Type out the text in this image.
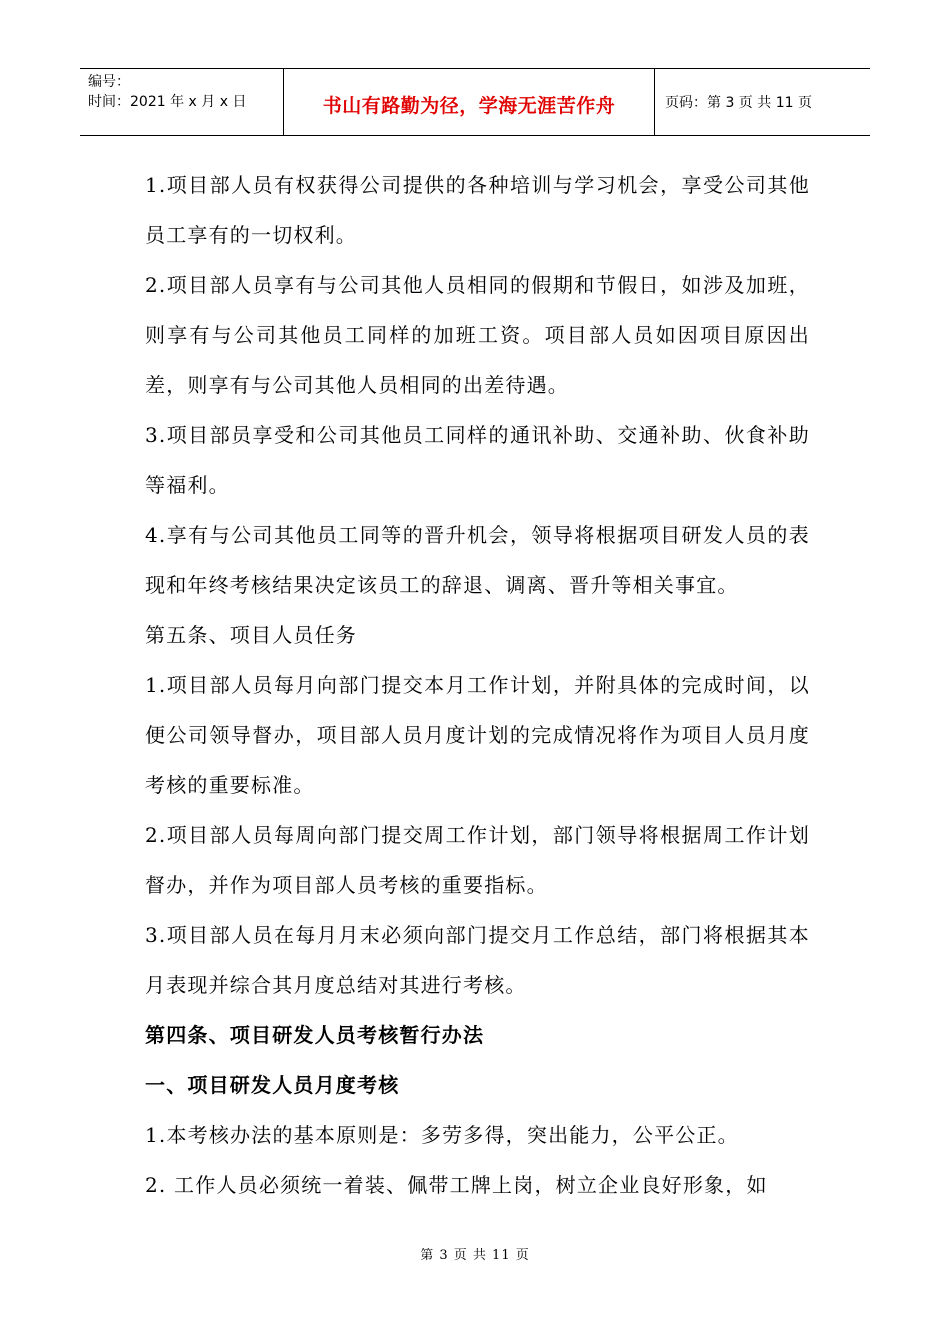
编号：
时间：2021 年 x 月 x 日	书山有路勤为径，学海无涯苦作舟	页码：第 3 页 共 11 页

1.项目部人员有权获得公司提供的各种培训与学习机会，享受公司其他员工享有的一切权利。

2.项目部人员享有与公司其他人员相同的假期和节假日，如涉及加班，则享有与公司其他员工同样的加班工资。项目部人员如因项目原因出差，则享有与公司其他人员相同的出差待遇。

3.项目部员享受和公司其他员工同样的通讯补助、交通补助、伙食补助等福利。

4.享有与公司其他员工同等的晋升机会，领导将根据项目研发人员的表现和年终考核结果决定该员工的辞退、调离、晋升等相关事宜。

第五条、项目人员任务

1.项目部人员每月向部门提交本月工作计划，并附具体的完成时间，以便公司领导督办，项目部人员月度计划的完成情况将作为项目人员月度考核的重要标准。

2.项目部人员每周向部门提交周工作计划，部门领导将根据周工作计划督办，并作为项目部人员考核的重要指标。

3.项目部人员在每月月末必须向部门提交月工作总结，部门将根据其本月表现并综合其月度总结对其进行考核。

第四条、项目研发人员考核暂行办法

一、项目研发人员月度考核

1.本考核办法的基本原则是：多劳多得，突出能力，公平公正。

2. 工作人员必须统一着装、佩带工牌上岗，树立企业良好形象，如

第 3 页 共 11 页
